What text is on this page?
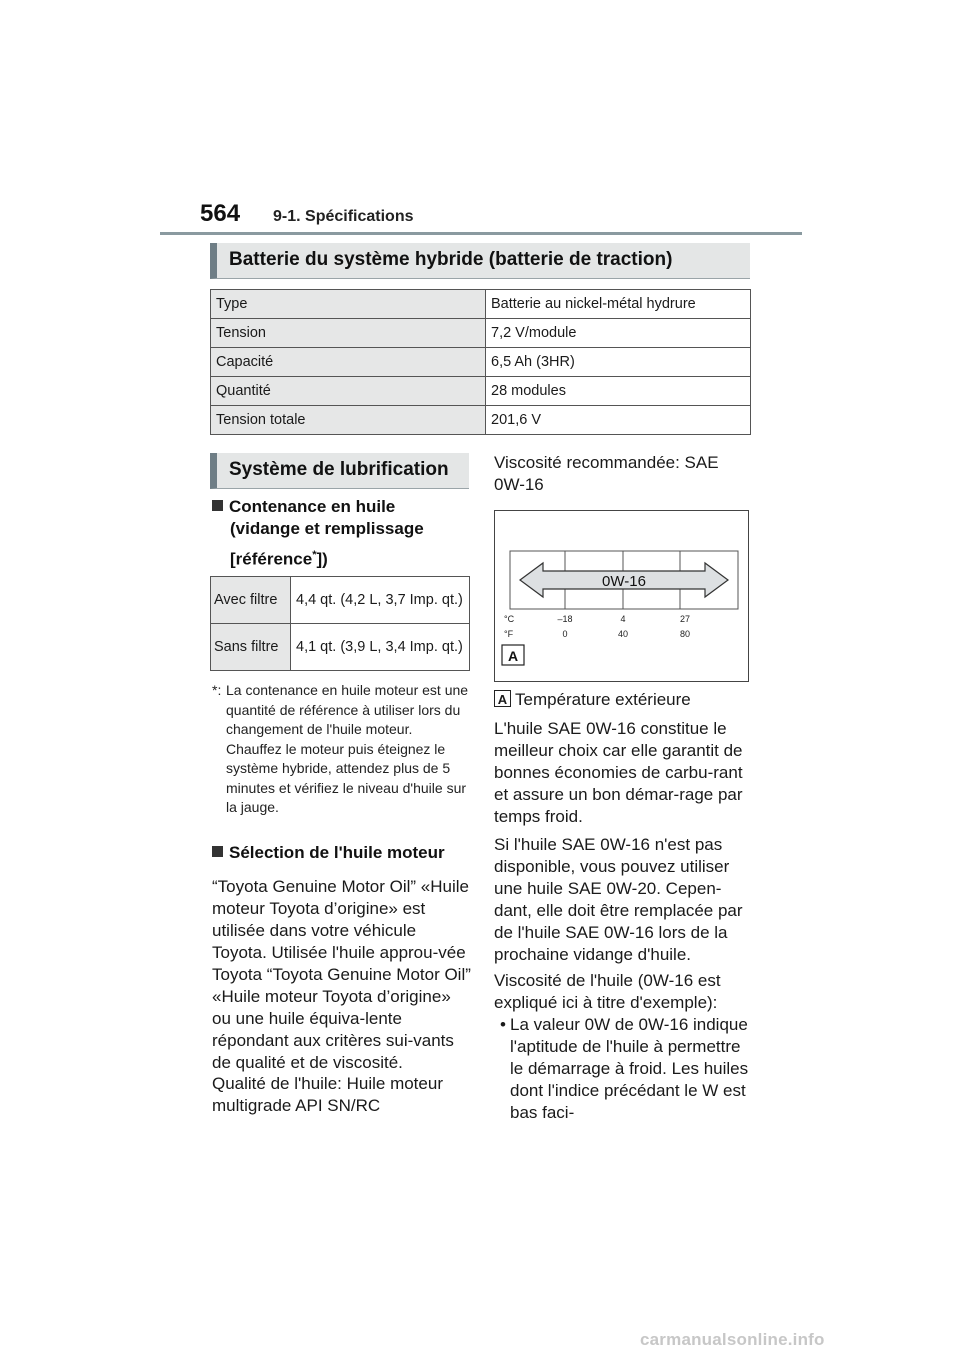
564 9-1. Spécifications
Batterie du système hybride (batterie de traction)
Type	Batterie au nickel-métal hydrure
Tension	7,2 V/module
Capacité	6,5 Ah (3HR)
Quantité	28 modules
Tension totale	201,6 V
Système de lubrification
Contenance en huile
(vidange et remplissage
[référence*])
Avec filtre	4,4 qt. (4,2 L, 3,7 Imp. qt.)
Sans filtre	4,1 qt. (3,9 L, 3,4 Imp. qt.)
*: La contenance en huile moteur est une quantité de référence à utiliser lors du changement de l'huile moteur. Chauffez le moteur puis éteignez le système hybride, attendez plus de 5 minutes et vérifiez le niveau d'huile sur la jauge.
Sélection de l'huile moteur
“Toyota Genuine Motor Oil” «Huile moteur Toyota d’origine» est utilisée dans votre véhicule Toyota. Utilisée l'huile approu-vée Toyota “Toyota Genuine Motor Oil” «Huile moteur Toyota d’origine» ou une huile équiva-lente répondant aux critères sui-vants de qualité et de viscosité.
Qualité de l'huile: Huile moteur multigrade API SN/RC
Viscosité recommandée: SAE 0W-16
0W-16
°C
°F
–18	4	27
0	40	80
A
A Température extérieure
L'huile SAE 0W-16 constitue le meilleur choix car elle garantit de bonnes économies de carbu-rant et assure un bon démar-rage par temps froid.
Si l'huile SAE 0W-16 n'est pas disponible, vous pouvez utiliser une huile SAE 0W-20. Cepen-dant, elle doit être remplacée par de l'huile SAE 0W-16 lors de la prochaine vidange d'huile.
Viscosité de l'huile (0W-16 est expliqué ici à titre d'exemple):
• La valeur 0W de 0W-16 indique l'aptitude de l'huile à permettre le démarrage à froid. Les huiles dont l'indice précédant le W est bas faci-
carmanualsonline.info
